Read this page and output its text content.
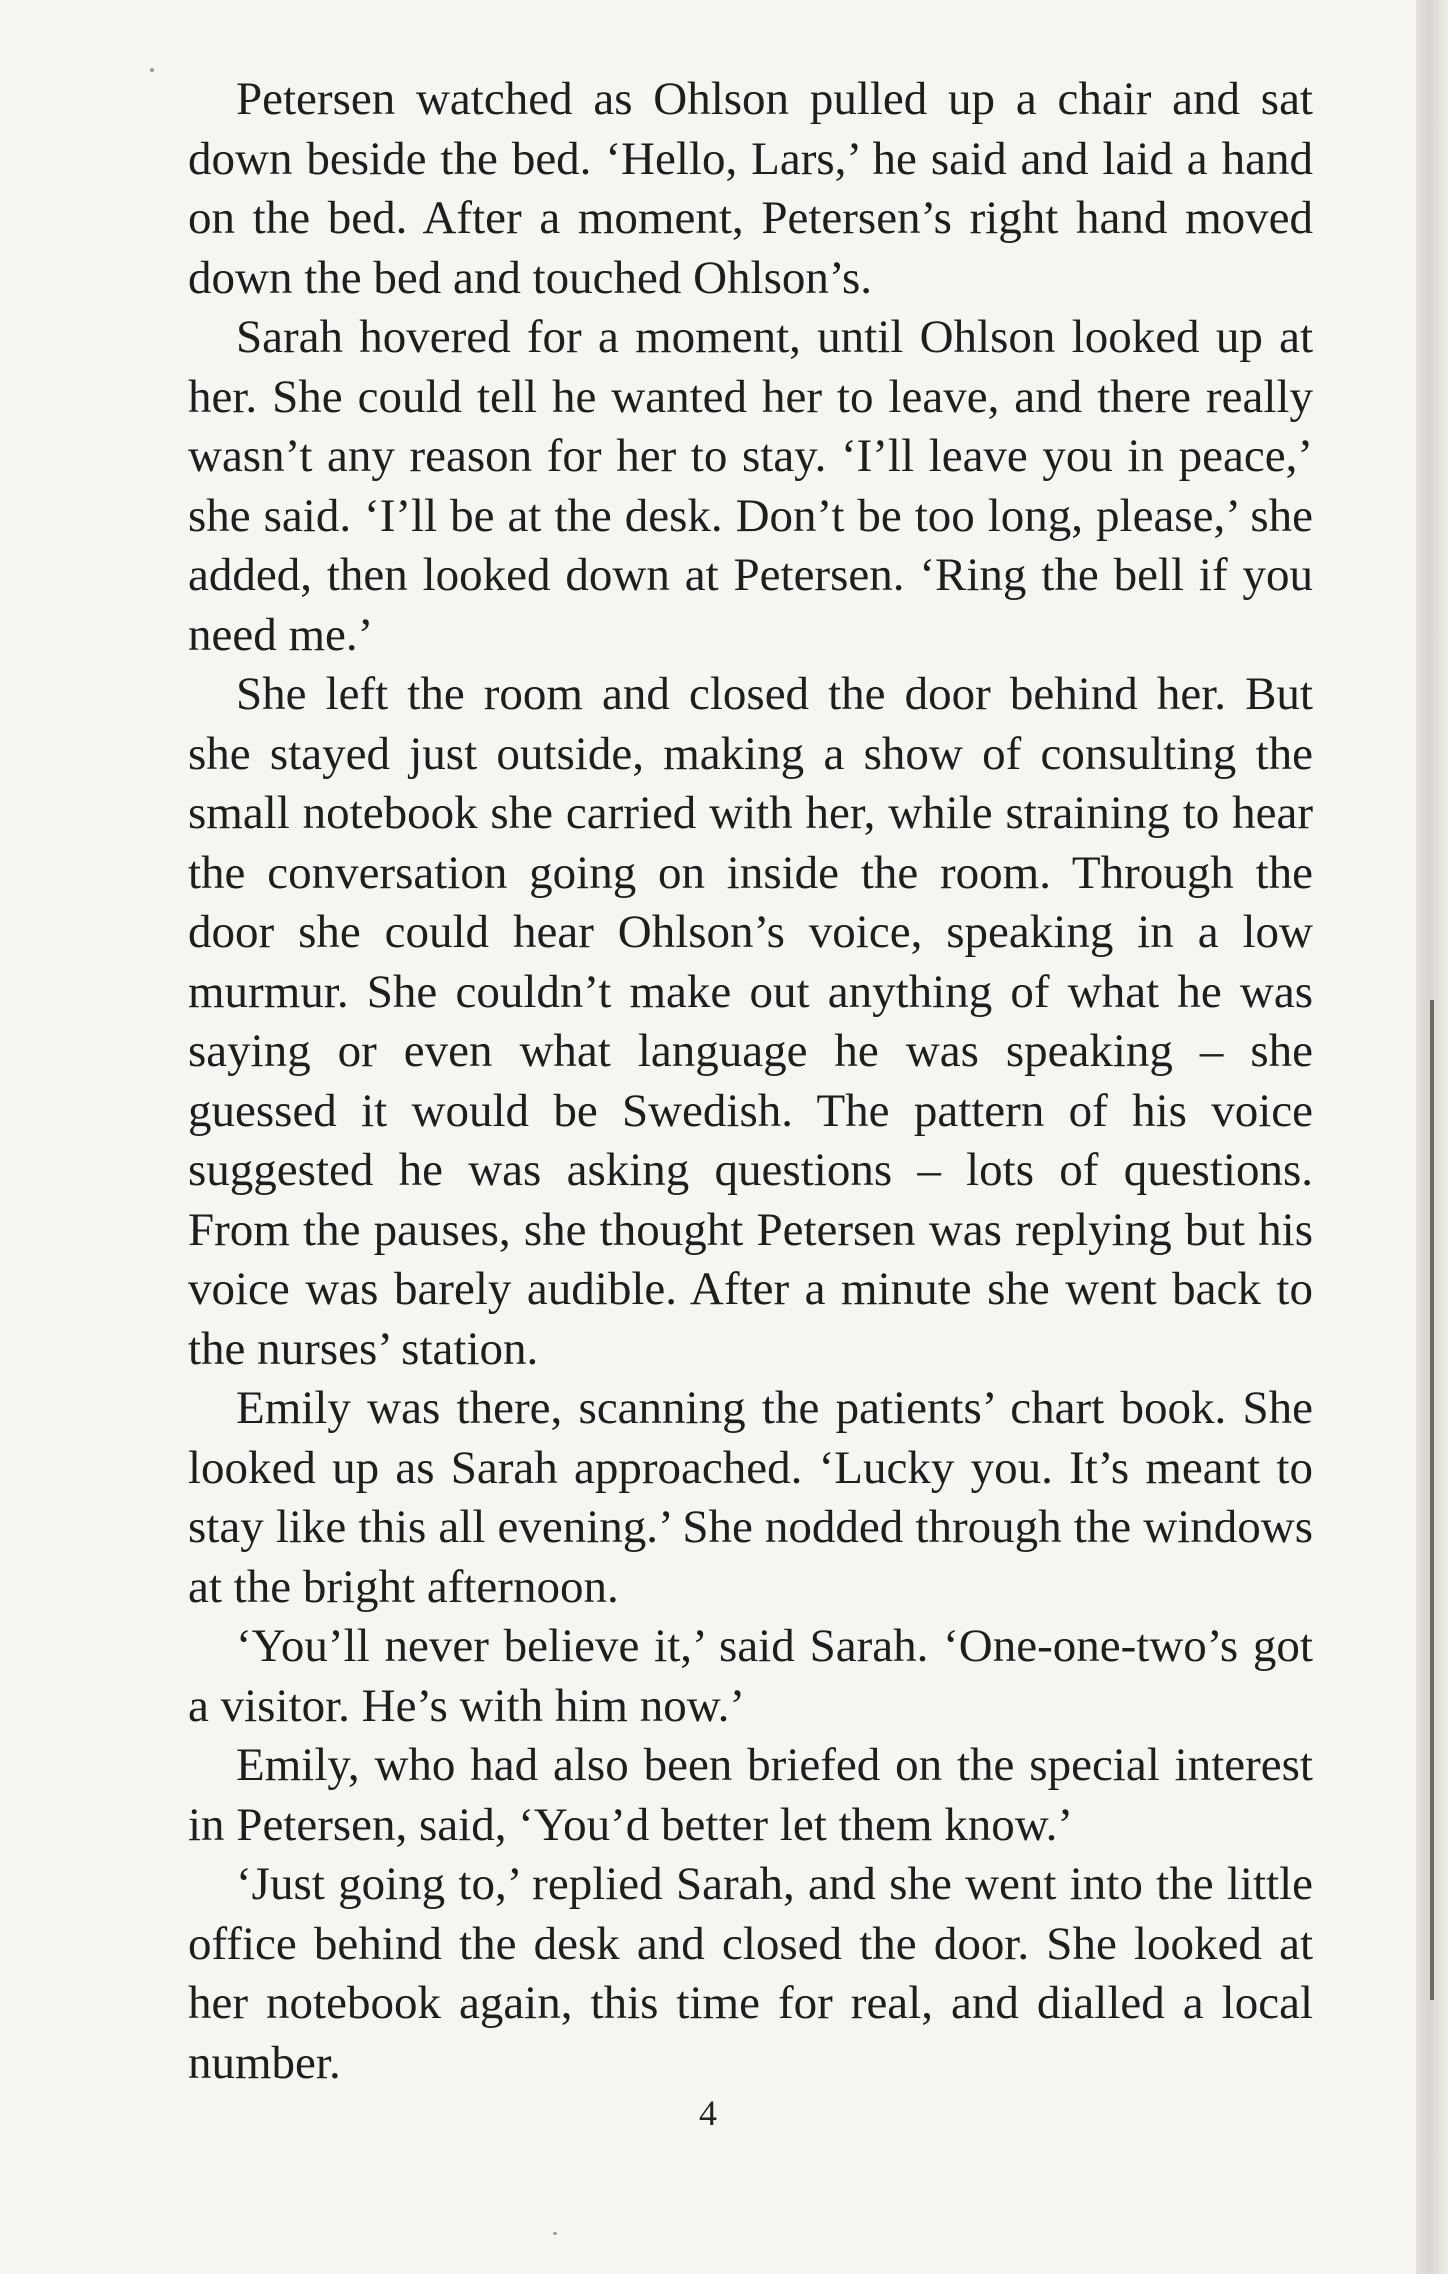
Petersen watched as Ohlson pulled up a chair and sat down beside the bed. ‘Hello, Lars,’ he said and laid a hand on the bed. After a moment, Petersen’s right hand moved down the bed and touched Ohlson’s.

Sarah hovered for a moment, until Ohlson looked up at her. She could tell he wanted her to leave, and there really wasn’t any reason for her to stay. ‘I’ll leave you in peace,’ she said. ‘I’ll be at the desk. Don’t be too long, please,’ she added, then looked down at Petersen. ‘Ring the bell if you need me.’

She left the room and closed the door behind her. But she stayed just outside, making a show of consulting the small notebook she carried with her, while straining to hear the conversation going on inside the room. Through the door she could hear Ohlson’s voice, speaking in a low murmur. She couldn’t make out anything of what he was saying or even what language he was speaking – she guessed it would be Swedish. The pattern of his voice suggested he was asking questions – lots of questions. From the pauses, she thought Petersen was replying but his voice was barely audible. After a minute she went back to the nurses’ station.

Emily was there, scanning the patients’ chart book. She looked up as Sarah approached. ‘Lucky you. It’s meant to stay like this all evening.’ She nodded through the windows at the bright afternoon.

‘You’ll never believe it,’ said Sarah. ‘One-one-two’s got a visitor. He’s with him now.’

Emily, who had also been briefed on the special interest in Petersen, said, ‘You’d better let them know.’

‘Just going to,’ replied Sarah, and she went into the little office behind the desk and closed the door. She looked at her notebook again, this time for real, and dialled a local number.

4
